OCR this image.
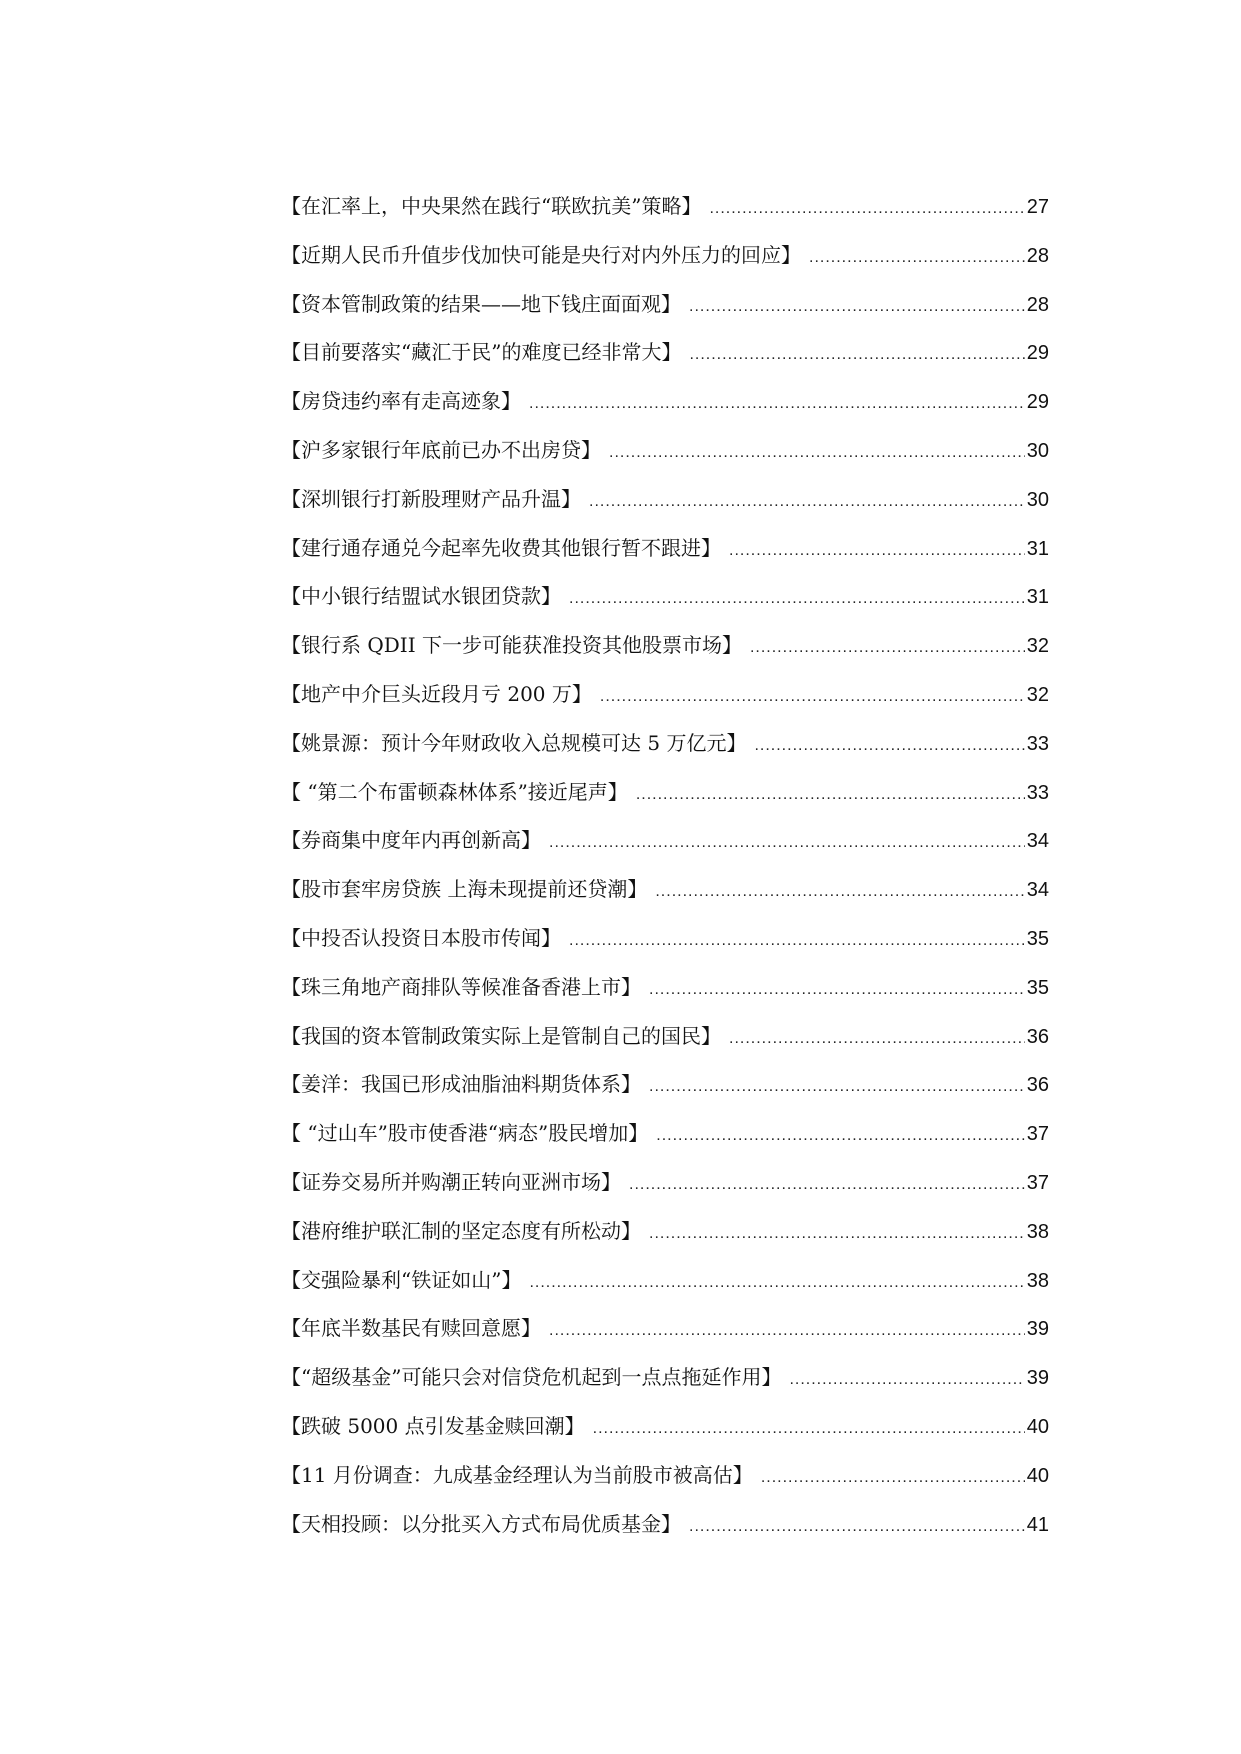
【在汇率上，中央果然在践行“联欧抗美”策略】 .....	27
【近期人民币升值步伐加快可能是央行对内外压力的回应】 .....	28
【资本管制政策的结果——地下钱庄面面观】 .....	28
【目前要落实“藏汇于民”的难度已经非常大】 .....	29
【房贷违约率有走高迹象】 .....	29
【沪多家银行年底前已办不出房贷】 .....	30
【深圳银行打新股理财产品升温】 .....	30
【建行通存通兑今起率先收费其他银行暂不跟进】 .....	31
【中小银行结盟试水银团贷款】 .....	31
【银行系 QDII 下一步可能获准投资其他股票市场】 .....	32
【地产中介巨头近段月亏 200 万】 .....	32
【姚景源：预计今年财政收入总规模可达 5 万亿元】 .....	33
【 “第二个布雷顿森林体系”接近尾声】 .....	33
【券商集中度年内再创新高】 .....	34
【股市套牢房贷族 上海未现提前还贷潮】 .....	34
【中投否认投资日本股市传闻】 .....	35
【珠三角地产商排队等候准备香港上市】 .....	35
【我国的资本管制政策实际上是管制自己的国民】 .....	36
【姜洋：我国已形成油脂油料期货体系】 .....	36
【 “过山车”股市使香港“病态”股民增加】 .....	37
【证券交易所并购潮正转向亚洲市场】 .....	37
【港府维护联汇制的坚定态度有所松动】 .....	38
【交强险暴利“铁证如山”】 .....	38
【年底半数基民有赎回意愿】 .....	39
【“超级基金”可能只会对信贷危机起到一点点拖延作用】 .....	39
【跌破 5000 点引发基金赎回潮】 .....	40
【11 月份调查：九成基金经理认为当前股市被高估】 .....	40
【天相投顾：以分批买入方式布局优质基金】 .....	41
